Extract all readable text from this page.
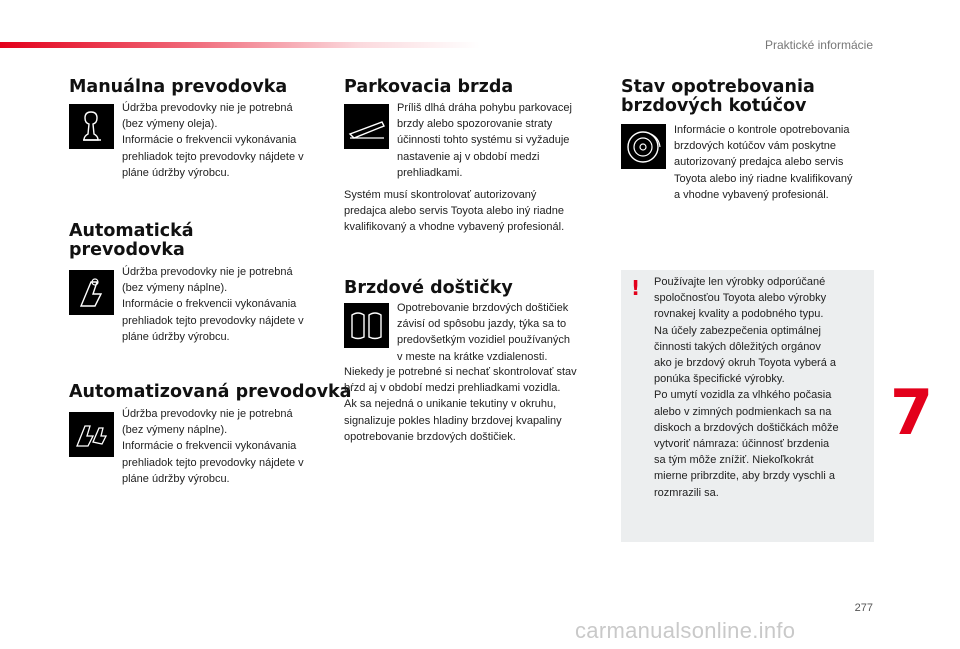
Praktické informácie
Manuálna prevodovka
Údržba prevodovky nie je potrebná
(bez výmeny oleja).
Informácie o frekvencii vykonávania
prehliadok tejto prevodovky nájdete v
pláne údržby výrobcu.
Automatická
prevodovka
Údržba prevodovky nie je potrebná
(bez výmeny náplne).
Informácie o frekvencii vykonávania
prehliadok tejto prevodovky nájdete v
pláne údržby výrobcu.
Automatizovaná prevodovka
Údržba prevodovky nie je potrebná
(bez výmeny náplne).
Informácie o frekvencii vykonávania
prehliadok tejto prevodovky nájdete v
pláne údržby výrobcu.
Parkovacia brzda
Príliš dlhá dráha pohybu parkovacej
brzdy alebo spozorovanie straty
účinnosti tohto systému si vyžaduje
nastavenie aj v období medzi
prehliadkami.
Systém musí skontrolovať autorizovaný
predajca alebo servis Toyota alebo iný riadne
kvalifikovaný a vhodne vybavený profesionál.
Brzdové doštičky
Opotrebovanie brzdových doštičiek
závisí od spôsobu jazdy, týka sa to
predovšetkým vozidiel používaných
v meste na krátke vzdialenosti.
Niekedy je potrebné si nechať skontrolovať stav
bŕzd aj v období medzi prehliadkami vozidla.
Ak sa nejedná o unikanie tekutiny v okruhu,
signalizuje pokles hladiny brzdovej kvapaliny
opotrebovanie brzdových doštičiek.
Stav opotrebovania
brzdových kotúčov
Informácie o kontrole opotrebovania
brzdových kotúčov vám poskytne
autorizovaný predajca alebo servis
Toyota alebo iný riadne kvalifikovaný
a vhodne vybavený profesionál.
! Používajte len výrobky odporúčané
spoločnosťou Toyota alebo výrobky
rovnakej kvality a podobného typu.
Na účely zabezpečenia optimálnej
činnosti takých dôležitých orgánov
ako je brzdový okruh Toyota vyberá a
ponúka špecifické výrobky.
Po umytí vozidla za vlhkého počasia
alebo v zimných podmienkach sa na
diskoch a brzdových doštičkách môže
vytvoriť námraza: účinnosť brzdenia
sa tým môže znížiť. Niekoľkokrát
mierne pribrzdite, aby brzdy vyschli a
rozmrazili sa.
7
277
carmanualsonline.info
